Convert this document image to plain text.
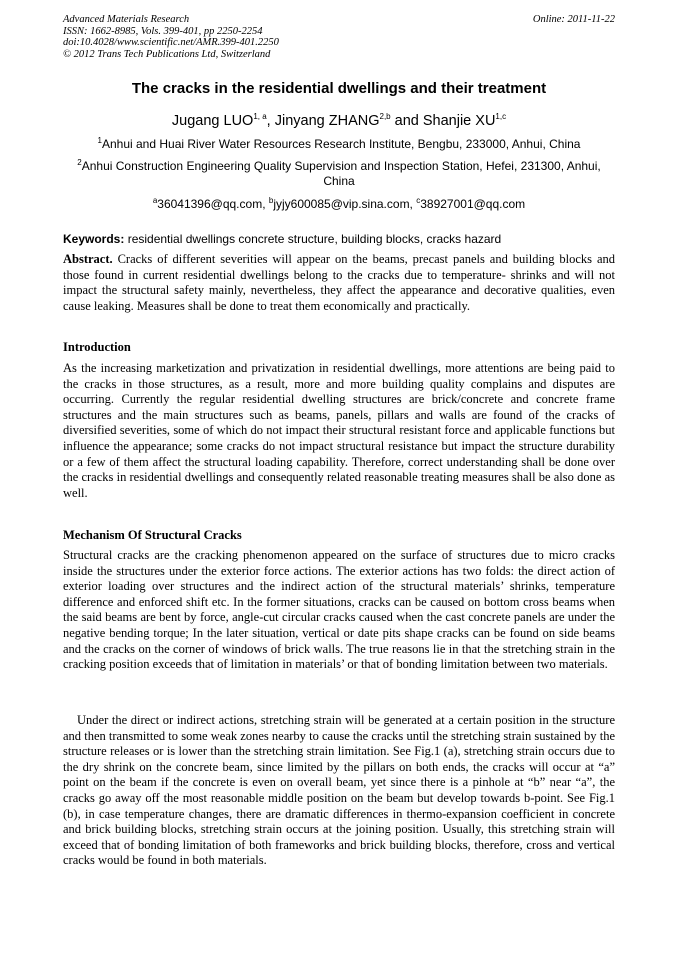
Advanced Materials Research
ISSN: 1662-8985, Vols. 399-401, pp 2250-2254
doi:10.4028/www.scientific.net/AMR.399-401.2250
© 2012 Trans Tech Publications Ltd, Switzerland
Online: 2011-11-22
The cracks in the residential dwellings and their treatment
Jugang LUO$^{1, a}$, Jinyang ZHANG$^{2,b}$ and Shanjie XU$^{1,c}$
$^1$Anhui and Huai River Water Resources Research Institute, Bengbu, 233000, Anhui, China
$^2$Anhui Construction Engineering Quality Supervision and Inspection Station, Hefei, 231300, Anhui, China
$^a$36041396@qq.com, $^b$jyjy600085@vip.sina.com, $^c$38927001@qq.com
Keywords: residential dwellings concrete structure, building blocks, cracks hazard
Abstract. Cracks of different severities will appear on the beams, precast panels and building blocks and those found in current residential dwellings belong to the cracks due to temperature- shrinks and will not impact the structural safety mainly, nevertheless, they affect the appearance and decorative qualities, even cause leaking. Measures shall be done to treat them economically and practically.
Introduction
As the increasing marketization and privatization in residential dwellings, more attentions are being paid to the cracks in those structures, as a result, more and more building quality complains and disputes are occurring. Currently the regular residential dwelling structures are brick/concrete and concrete frame structures and the main structures such as beams, panels, pillars and walls are found of the cracks of diversified severities, some of which do not impact their structural resistant force and applicable functions but influence the appearance; some cracks do not impact structural resistance but impact the structure durability or a few of them affect the structural loading capability. Therefore, correct understanding shall be done over the cracks in residential dwellings and consequently related reasonable treating measures shall be also done as well.
Mechanism Of Structural Cracks
Structural cracks are the cracking phenomenon appeared on the surface of structures due to micro cracks inside the structures under the exterior force actions. The exterior actions has two folds: the direct action of exterior loading over structures and the indirect action of the structural materials’ shrinks, temperature difference and enforced shift etc. In the former situations, cracks can be caused on bottom cross beams when the said beams are bent by force, angle-cut circular cracks caused when the cast concrete panels are under the negative bending torque; In the later situation, vertical or date pits shape cracks can be found on side beams and the cracks on the corner of windows of brick walls. The true reasons lie in that the stretching strain in the cracking position exceeds that of limitation in materials’ or that of bonding limitation between two materials.
Under the direct or indirect actions, stretching strain will be generated at a certain position in the structure and then transmitted to some weak zones nearby to cause the cracks until the stretching strain sustained by the structure releases or is lower than the stretching strain limitation. See Fig.1 (a), stretching strain occurs due to the dry shrink on the concrete beam, since limited by the pillars on both ends, the cracks will occur at “a” point on the beam if the concrete is even on overall beam, yet since there is a pinhole at “b” near “a”, the cracks go away off the most reasonable middle position on the beam but develop towards b-point. See Fig.1 (b), in case temperature changes, there are dramatic differences in thermo-expansion coefficient in concrete and brick building blocks, stretching strain occurs at the joining position. Usually, this stretching strain will exceed that of bonding limitation of both frameworks and brick building blocks, therefore, cross and vertical cracks would be found in both materials.
